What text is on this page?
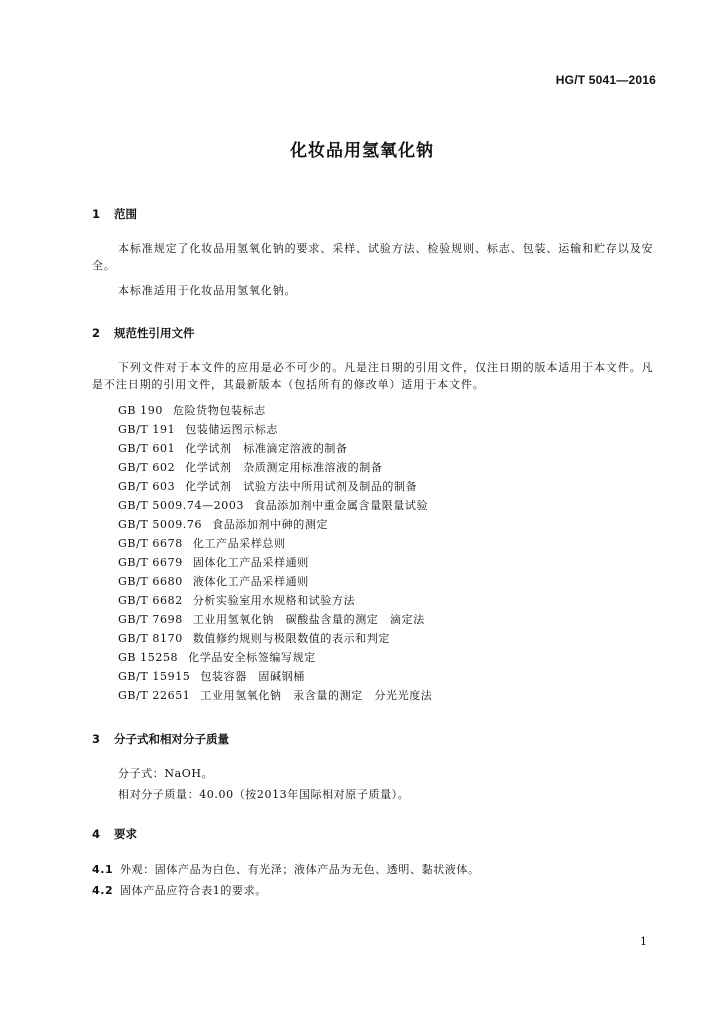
HG/T 5041—2016
化妆品用氢氧化钠
1 范围
本标准规定了化妆品用氢氧化钠的要求、采样、试验方法、检验规则、标志、包装、运输和贮存以及安全。
本标准适用于化妆品用氢氧化钠。
2 规范性引用文件
下列文件对于本文件的应用是必不可少的。凡是注日期的引用文件，仅注日期的版本适用于本文件。凡是不注日期的引用文件，其最新版本（包括所有的修改单）适用于本文件。
GB 190 危险货物包装标志
GB/T 191 包装储运图示标志
GB/T 601 化学试剂　标准滴定溶液的制备
GB/T 602 化学试剂　杂质测定用标准溶液的制备
GB/T 603 化学试剂　试验方法中所用试剂及制品的制备
GB/T 5009.74—2003 食品添加剂中重金属含量限量试验
GB/T 5009.76 食品添加剂中砷的测定
GB/T 6678 化工产品采样总则
GB/T 6679 固体化工产品采样通则
GB/T 6680 液体化工产品采样通则
GB/T 6682 分析实验室用水规格和试验方法
GB/T 7698 工业用氢氧化钠　碳酸盐含量的测定　滴定法
GB/T 8170 数值修约规则与极限数值的表示和判定
GB 15258 化学品安全标签编写规定
GB/T 15915 包装容器　固碱钢桶
GB/T 22651 工业用氢氧化钠　汞含量的测定　分光光度法
3 分子式和相对分子质量
分子式：NaOH。
相对分子质量：40.00（按2013年国际相对原子质量）。
4 要求
4.1 外观：固体产品为白色、有光泽；液体产品为无色、透明、黏状液体。
4.2 固体产品应符合表1的要求。
1
